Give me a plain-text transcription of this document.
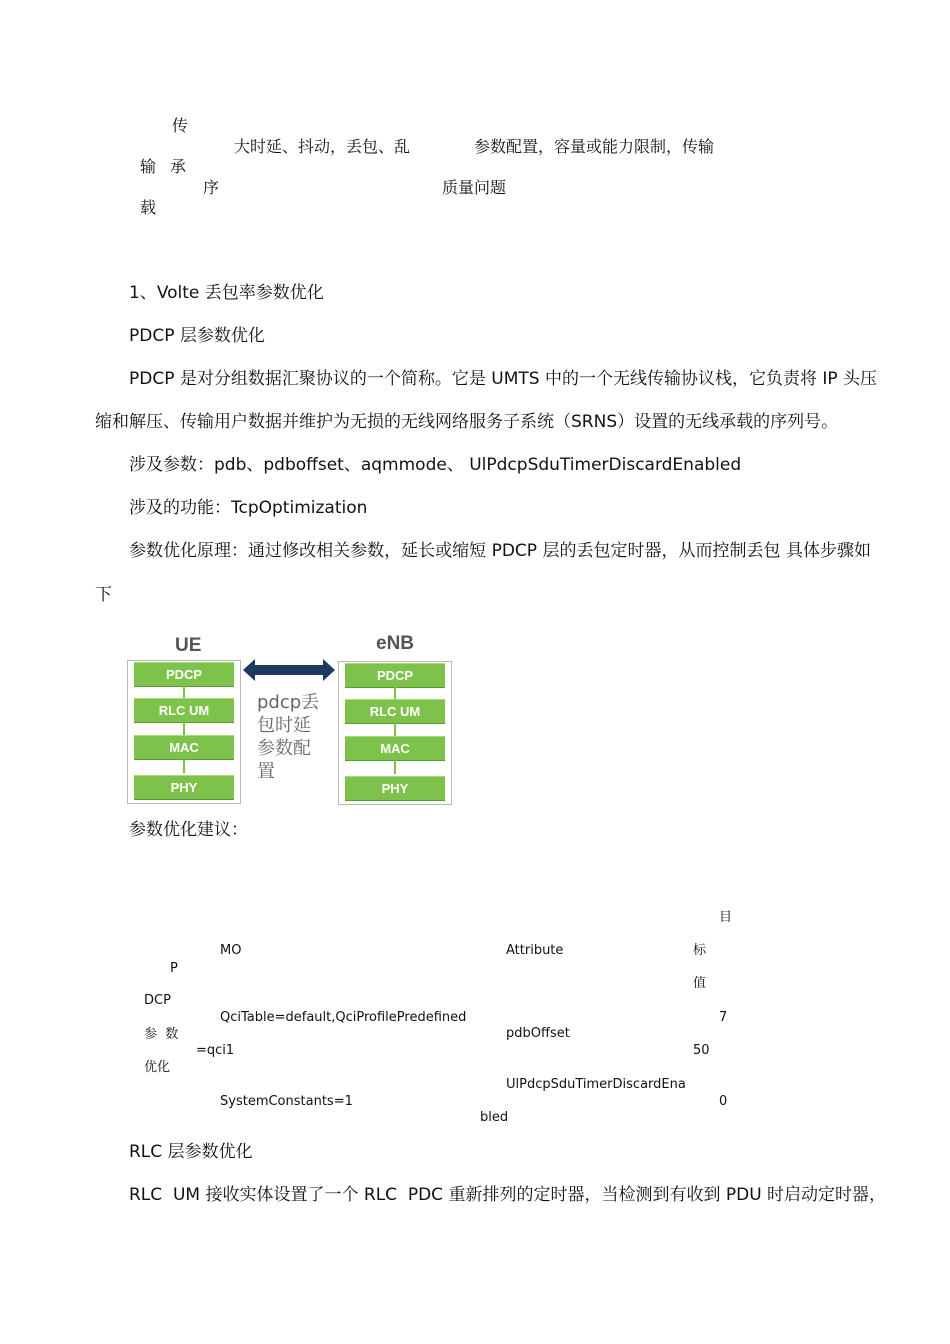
传
输 承
载
大时延、抖动，丢包、乱
序
参数配置，容量或能力限制，传输
质量问题
1、Volte 丢包率参数优化
PDCP 层参数优化
PDCP 是对分组数据汇聚协议的一个简称。它是 UMTS 中的一个无线传输协议栈，它负责将 IP 头压
缩和解压、传输用户数据并维护为无损的无线网络服务子系统（SRNS）设置的无线承载的序列号。
涉及参数：pdb、pdboffset、aqmmode、 UlPdcpSduTimerDiscardEnabled
涉及的功能：TcpOptimization
参数优化原理：通过修改相关参数，延长或缩短 PDCP 层的丢包定时器，从而控制丢包 具体步骤如
下
UE	eNB
PDCP
RLC UM
MAC
PHY
PDCP
RLC UM
MAC
PHY
pdcp丢
包时延
参数配
置
参数优化建议：
目
标
值
MO	Attribute
P
DCP
参  数
优化
QciTable=default,QciProfilePredefined
=qci1
SystemConstants=1
pdbOffset
UlPdcpSduTimerDiscardEna
bled
7
50
0
RLC 层参数优化
RLC  UM 接收实体设置了一个 RLC  PDC 重新排列的定时器，当检测到有收到 PDU 时启动定时器，
